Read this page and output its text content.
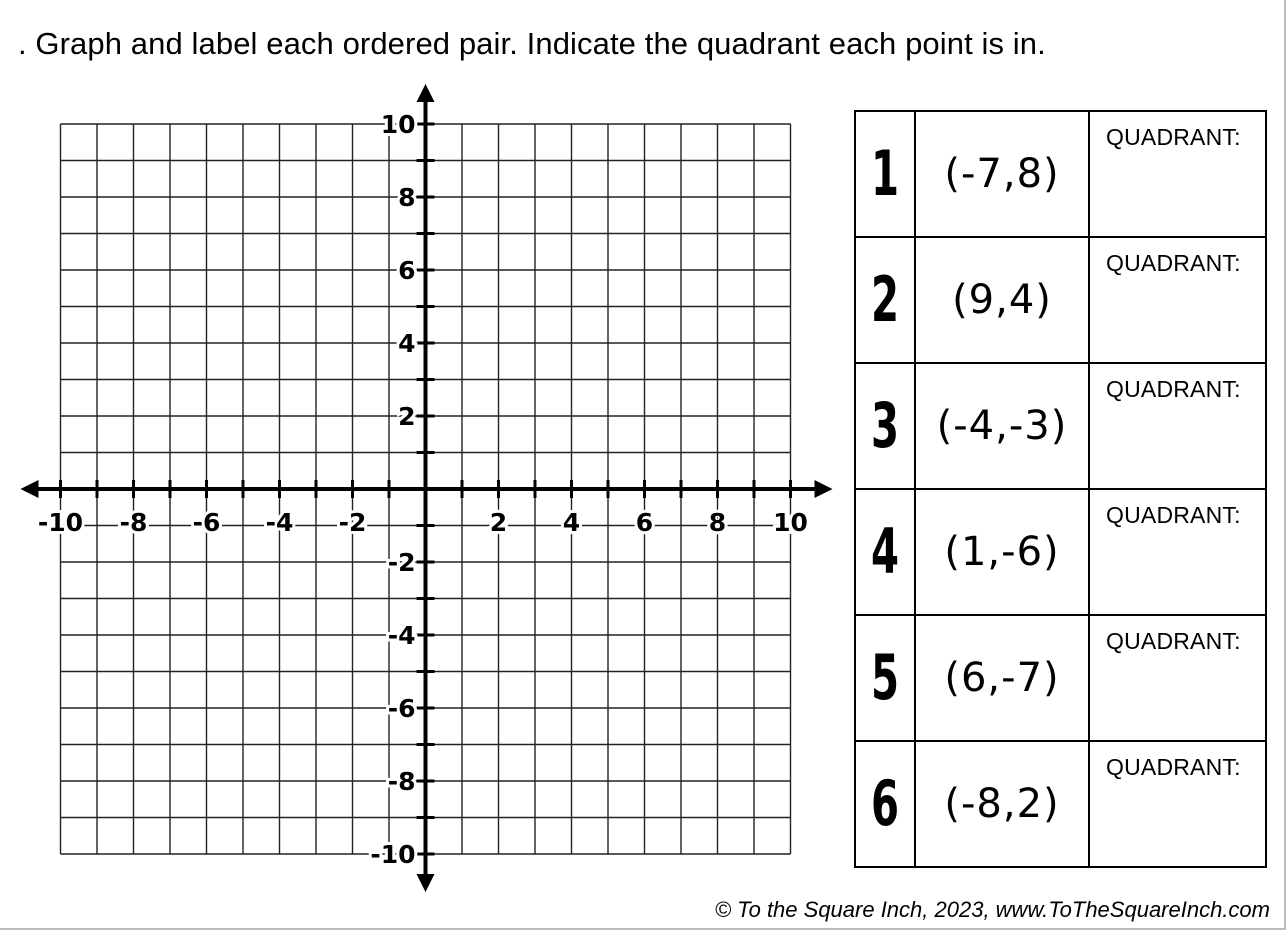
. Graph and label each ordered pair. Indicate the quadrant each point is in.
-10 -8 -6 -4 -2	2 4 6 8 10
10
8
6
4
2
-2
-4
-6
-8
-10
1	(-7,8)	QUADRANT:

2	(9,4)	QUADRANT:

3	(-4,-3)	QUADRANT:

4	(1,-6)	QUADRANT:

5	(6,-7)	QUADRANT:

6	(-8,2)	QUADRANT:
© To the Square Inch, 2023, www.ToTheSquareInch.com
